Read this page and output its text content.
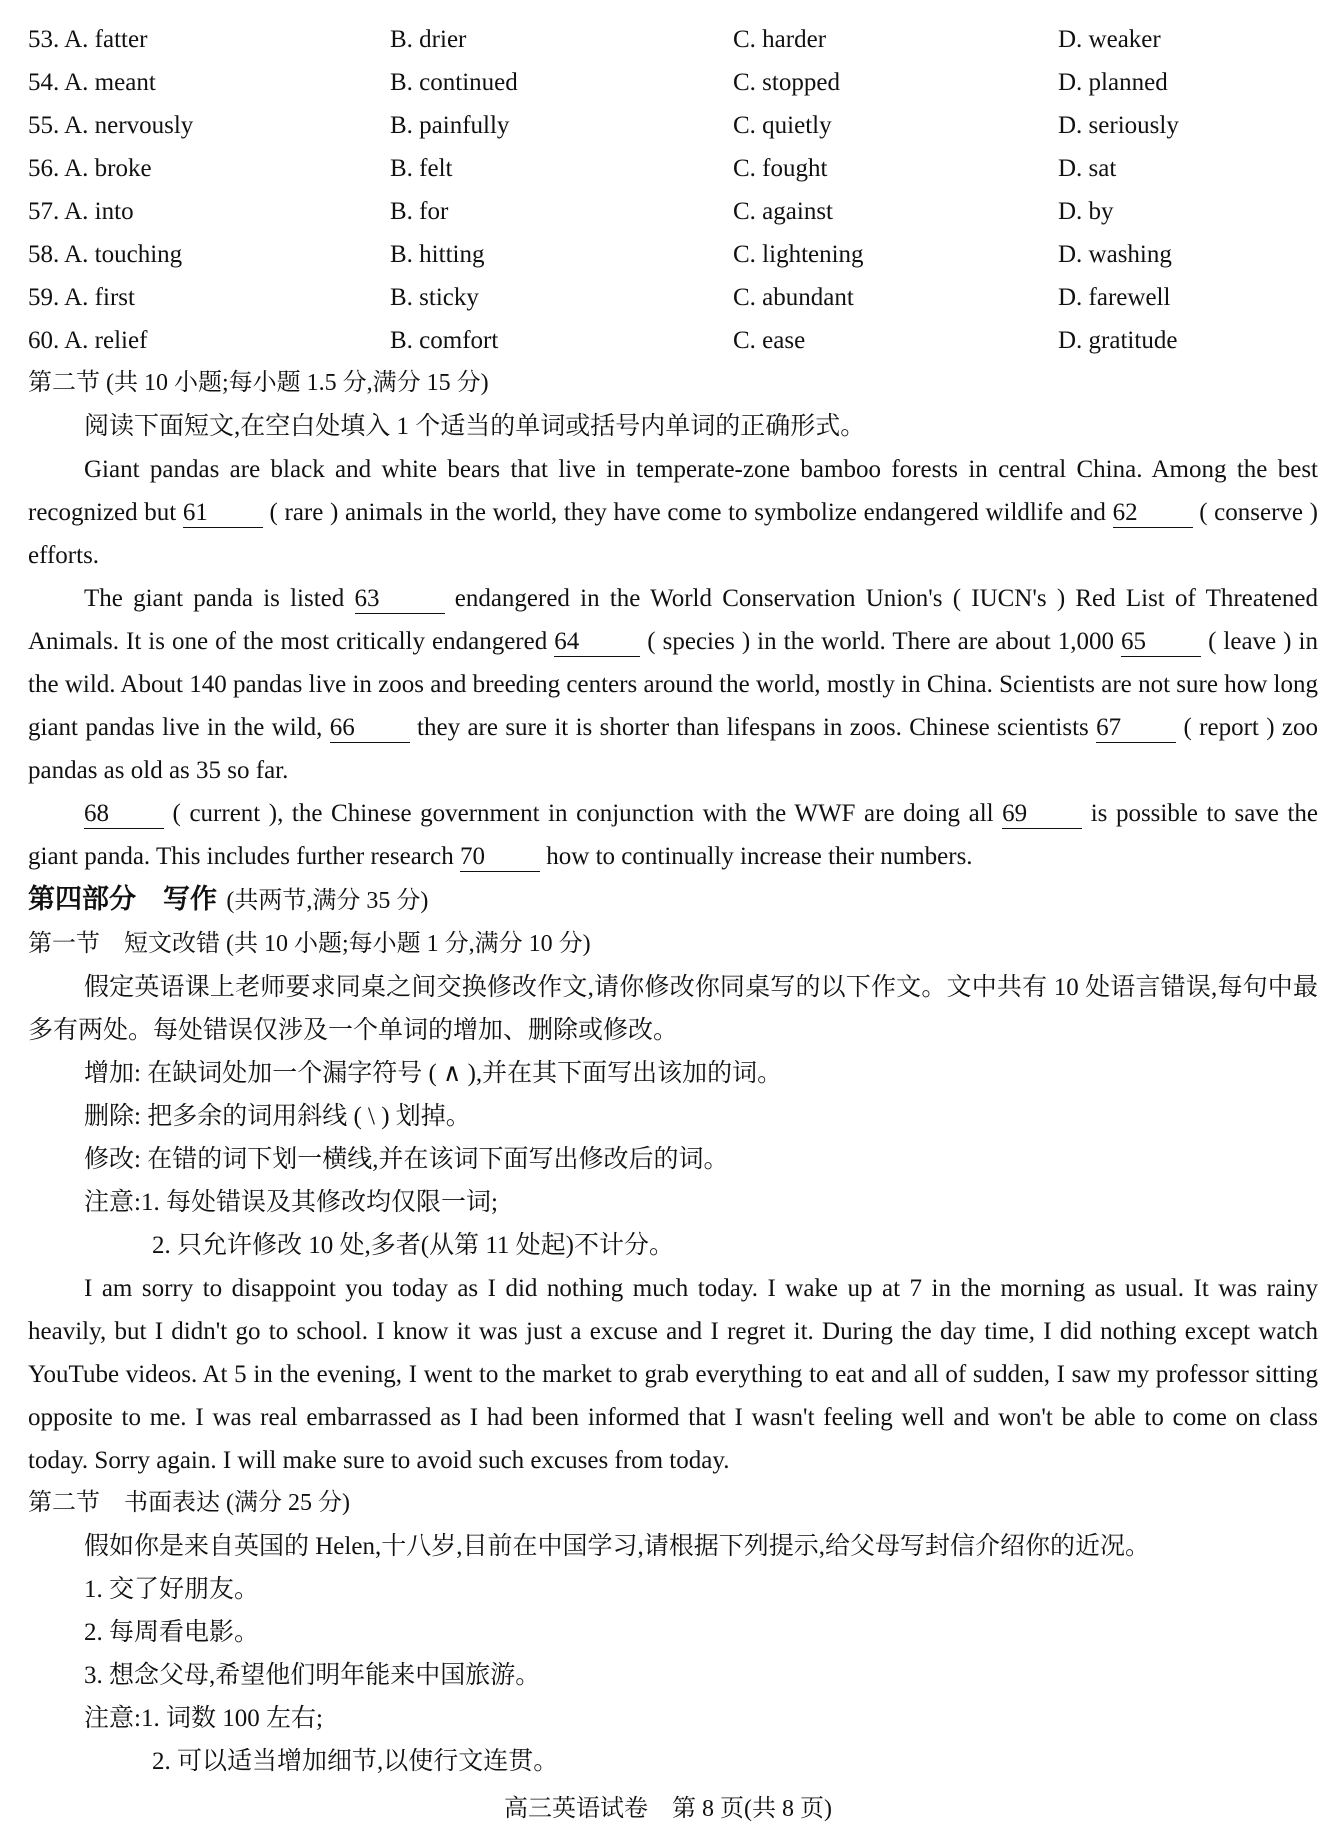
53. A. fatter	B. drier	C. harder	D. weaker
54. A. meant	B. continued	C. stopped	D. planned
55. A. nervously	B. painfully	C. quietly	D. seriously
56. A. broke	B. felt	C. fought	D. sat
57. A. into	B. for	C. against	D. by
58. A. touching	B. hitting	C. lightening	D. washing
59. A. first	B. sticky	C. abundant	D. farewell
60. A. relief	B. comfort	C. ease	D. gratitude
第二节 (共 10 小题;每小题 1.5 分,满分 15 分)
阅读下面短文,在空白处填入 1 个适当的单词或括号内单词的正确形式。
Giant pandas are black and white bears that live in temperate-zone bamboo forests in central China. Among the best recognized but 61 ( rare ) animals in the world, they have come to symbolize endangered wildlife and 62 ( conserve ) efforts.
The giant panda is listed 63	endangered in the World Conservation Union's ( IUCN's ) Red List of Threatened Animals. It is one of the most critically endangered 64 ( species ) in the world. There are about 1,000 65 ( leave ) in the wild. About 140 pandas live in zoos and breeding centers around the world, mostly in China. Scientists are not sure how long giant pandas live in the wild, 66 they are sure it is shorter than lifespans in zoos. Chinese scientists 67 ( report ) zoo pandas as old as 35 so far.
68 ( current ), the Chinese government in conjunction with the WWF are doing all 69 is possible to save the giant panda. This includes further research 70 how to continually increase their numbers.
第四部分　写作 (共两节,满分 35 分)
第一节　短文改错 (共 10 小题;每小题 1 分,满分 10 分)
假定英语课上老师要求同桌之间交换修改作文,请你修改你同桌写的以下作文。文中共有 10 处语言错误,每句中最多有两处。每处错误仅涉及一个单词的增加、删除或修改。
增加: 在缺词处加一个漏字符号 ( ∧ ),并在其下面写出该加的词。
删除: 把多余的词用斜线 ( \ ) 划掉。
修改: 在错的词下划一横线,并在该词下面写出修改后的词。
注意:1. 每处错误及其修改均仅限一词;
2. 只允许修改 10 处,多者(从第 11 处起)不计分。
I am sorry to disappoint you today as I did nothing much today. I wake up at 7 in the morning as usual. It was rainy heavily, but I didn't go to school. I know it was just a excuse and I regret it. During the day time, I did nothing except watch YouTube videos. At 5 in the evening, I went to the market to grab everything to eat and all of sudden, I saw my professor sitting opposite to me. I was real embarrassed as I had been informed that I wasn't feeling well and won't be able to come on class today. Sorry again. I will make sure to avoid such excuses from today.
第二节　书面表达 (满分 25 分)
假如你是来自英国的 Helen,十八岁,目前在中国学习,请根据下列提示,给父母写封信介绍你的近况。
1. 交了好朋友。
2. 每周看电影。
3. 想念父母,希望他们明年能来中国旅游。
注意:1. 词数 100 左右;
2. 可以适当增加细节,以使行文连贯。
高三英语试卷　第 8 页(共 8 页)
